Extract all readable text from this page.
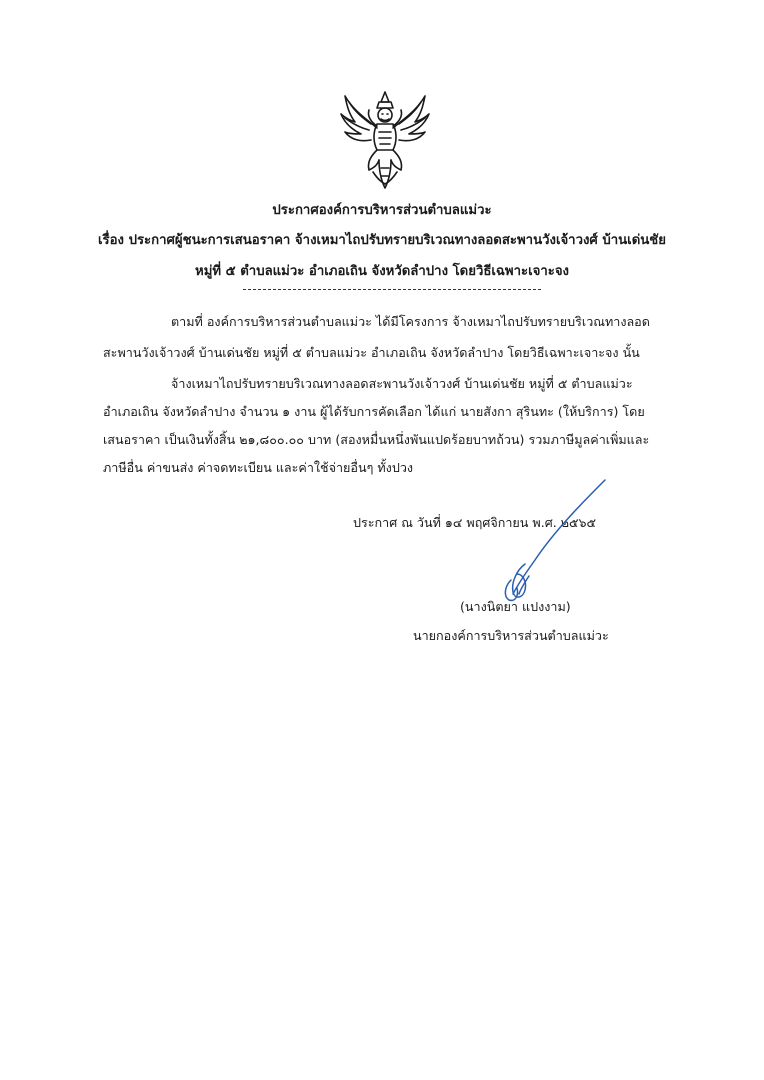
ประกาศองค์การบริหารส่วนตำบลแม่วะ
เรื่อง ประกาศผู้ชนะการเสนอราคา จ้างเหมาไถปรับทรายบริเวณทางลอดสะพานวังเจ้าวงศ์ บ้านเด่นชัย
หมู่ที่ ๕ ตำบลแม่วะ อำเภอเถิน จังหวัดลำปาง โดยวิธีเฉพาะเจาะจง
ตามที่ องค์การบริหารส่วนตำบลแม่วะ ได้มีโครงการ จ้างเหมาไถปรับทรายบริเวณทางลอด
สะพานวังเจ้าวงศ์ บ้านเด่นชัย หมู่ที่ ๕ ตำบลแม่วะ อำเภอเถิน จังหวัดลำปาง โดยวิธีเฉพาะเจาะจง นั้น
จ้างเหมาไถปรับทรายบริเวณทางลอดสะพานวังเจ้าวงศ์ บ้านเด่นชัย หมู่ที่ ๕ ตำบลแม่วะ
อำเภอเถิน จังหวัดลำปาง จำนวน ๑ งาน ผู้ได้รับการคัดเลือก ได้แก่ นายสังกา สุรินทะ (ให้บริการ) โดย
เสนอราคา เป็นเงินทั้งสิ้น ๒๑,๘๐๐.๐๐ บาท (สองหมื่นหนึ่งพันแปดร้อยบาทถ้วน) รวมภาษีมูลค่าเพิ่มและ
ภาษีอื่น ค่าขนส่ง ค่าจดทะเบียน และค่าใช้จ่ายอื่นๆ ทั้งปวง
ประกาศ ณ วันที่ ๑๔ พฤศจิกายน พ.ศ. ๒๕๖๕
(นางนิตยา แปงงาม)
นายกองค์การบริหารส่วนตำบลแม่วะ
